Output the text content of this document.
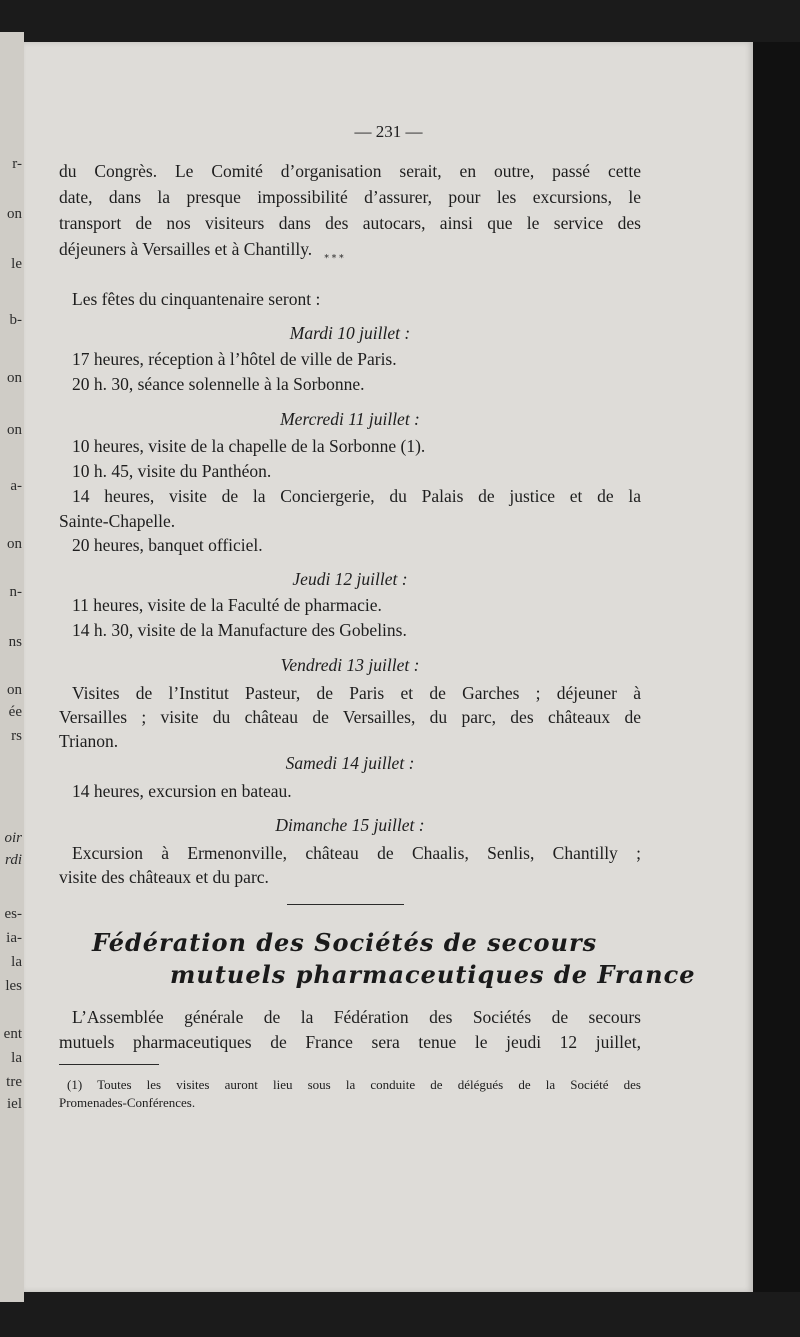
r-
on
le
b-
on
on
a-
on
n-
ns
on
ée
rs
oir
rdi
es-
ia-
la
les
ent
la
tre
iel
— 231 —
du Congrès. Le Comité d’organisation serait, en outre, passé cette
date, dans la presque impossibilité d’assurer, pour les excursions, le
transport de nos visiteurs dans des autocars, ainsi que le service des
déjeuners à Versailles et à Chantilly.	* * *
Les fêtes du cinquantenaire seront :
Mardi 10 juillet :
17 heures, réception à l’hôtel de ville de Paris.
20 h. 30, séance solennelle à la Sorbonne.
Mercredi 11 juillet :
10 heures, visite de la chapelle de la Sorbonne (1).
10 h. 45, visite du Panthéon.
14 heures, visite de la Conciergerie, du Palais de justice et de la
Sainte-Chapelle.
20 heures, banquet officiel.
Jeudi 12 juillet :
11 heures, visite de la Faculté de pharmacie.
14 h. 30, visite de la Manufacture des Gobelins.
Vendredi 13 juillet :
Visites de l’Institut Pasteur, de Paris et de Garches ; déjeuner à
Versailles ; visite du château de Versailles, du parc, des châteaux de
Trianon.
Samedi 14 juillet :
14 heures, excursion en bateau.
Dimanche 15 juillet :
Excursion à Ermenonville, château de Chaalis, Senlis, Chantilly ;
visite des châteaux et du parc.
Fédération des Sociétés de secours
mutuels pharmaceutiques de France
L’Assemblée générale de la Fédération des Sociétés de secours
mutuels pharmaceutiques de France sera tenue le jeudi 12 juillet,
(1) Toutes les visites auront lieu sous la conduite de délégués de la Société des
Promenades-Conférences.
